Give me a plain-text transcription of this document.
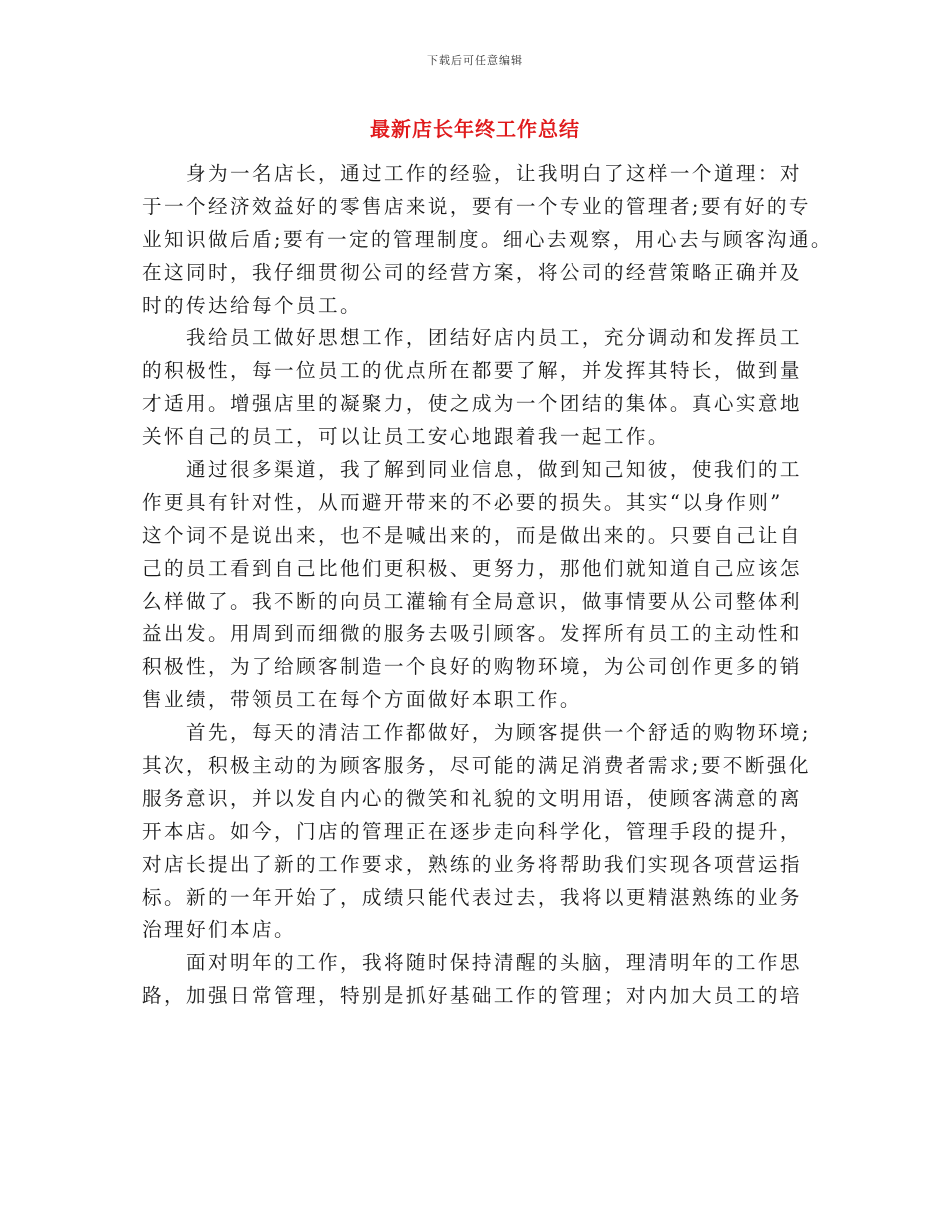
下载后可任意编辑
最新店长年终工作总结
身为一名店长，通过工作的经验，让我明白了这样一个道理：对
于一个经济效益好的零售店来说，要有一个专业的管理者;要有好的专
业知识做后盾;要有一定的管理制度。细心去观察，用心去与顾客沟通。
在这同时，我仔细贯彻公司的经营方案，将公司的经营策略正确并及
时的传达给每个员工。
我给员工做好思想工作，团结好店内员工，充分调动和发挥员工
的积极性，每一位员工的优点所在都要了解，并发挥其特长，做到量
才适用。增强店里的凝聚力，使之成为一个团结的集体。真心实意地
关怀自己的员工，可以让员工安心地跟着我一起工作。
通过很多渠道，我了解到同业信息，做到知己知彼，使我们的工
作更具有针对性，从而避开带来的不必要的损失。其实“以身作则”
这个词不是说出来，也不是喊出来的，而是做出来的。只要自己让自
己的员工看到自己比他们更积极、更努力，那他们就知道自己应该怎
么样做了。我不断的向员工灌输有全局意识，做事情要从公司整体利
益出发。用周到而细微的服务去吸引顾客。发挥所有员工的主动性和
积极性，为了给顾客制造一个良好的购物环境，为公司创作更多的销
售业绩，带领员工在每个方面做好本职工作。
首先，每天的清洁工作都做好，为顾客提供一个舒适的购物环境;
其次，积极主动的为顾客服务，尽可能的满足消费者需求;要不断强化
服务意识，并以发自内心的微笑和礼貌的文明用语，使顾客满意的离
开本店。如今，门店的管理正在逐步走向科学化，管理手段的提升，
对店长提出了新的工作要求，熟练的业务将帮助我们实现各项营运指
标。新的一年开始了，成绩只能代表过去，我将以更精湛熟练的业务
治理好们本店。
面对明年的工作，我将随时保持清醒的头脑，理清明年的工作思
路，加强日常管理，特别是抓好基础工作的管理；对内加大员工的培
